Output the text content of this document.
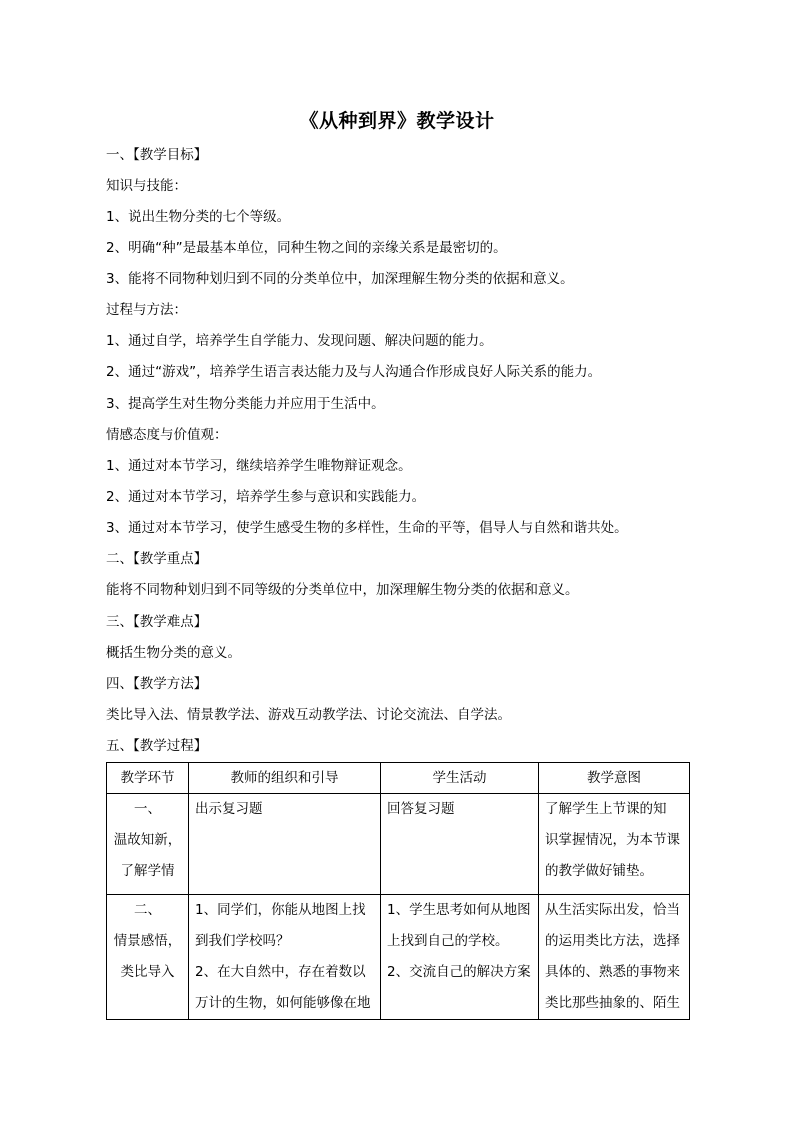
《从种到界》教学设计
一、【教学目标】
知识与技能：
1、说出生物分类的七个等级。
2、明确“种”是最基本单位，同种生物之间的亲缘关系是最密切的。
3、能将不同物种划归到不同的分类单位中，加深理解生物分类的依据和意义。
过程与方法：
1、通过自学，培养学生自学能力、发现问题、解决问题的能力。
2、通过“游戏”，培养学生语言表达能力及与人沟通合作形成良好人际关系的能力。
3、提高学生对生物分类能力并应用于生活中。
情感态度与价值观：
1、通过对本节学习，继续培养学生唯物辩证观念。
2、通过对本节学习，培养学生参与意识和实践能力。
3、通过对本节学习，使学生感受生物的多样性，生命的平等，倡导人与自然和谐共处。
二、【教学重点】
能将不同物种划归到不同等级的分类单位中，加深理解生物分类的依据和意义。
三、【教学难点】
概括生物分类的意义。
四、【教学方法】
类比导入法、情景教学法、游戏互动教学法、讨论交流法、自学法。
五、【教学过程】
教学环节	教师的组织和引导	学生活动	教学意图

一、
温故知新，
了解学情	出示复习题	回答复习题	了解学生上节课的知
识掌握情况，为本节课
的教学做好铺垫。

二、
情景感悟，
类比导入	1、同学们，你能从地图上找
到我们学校吗？
2、在大自然中，存在着数以
万计的生物，如何能够像在地	1、学生思考如何从地图
上找到自己的学校。
2、交流自己的解决方案	从生活实际出发，恰当
的运用类比方法，选择
具体的、熟悉的事物来
类比那些抽象的、陌生
